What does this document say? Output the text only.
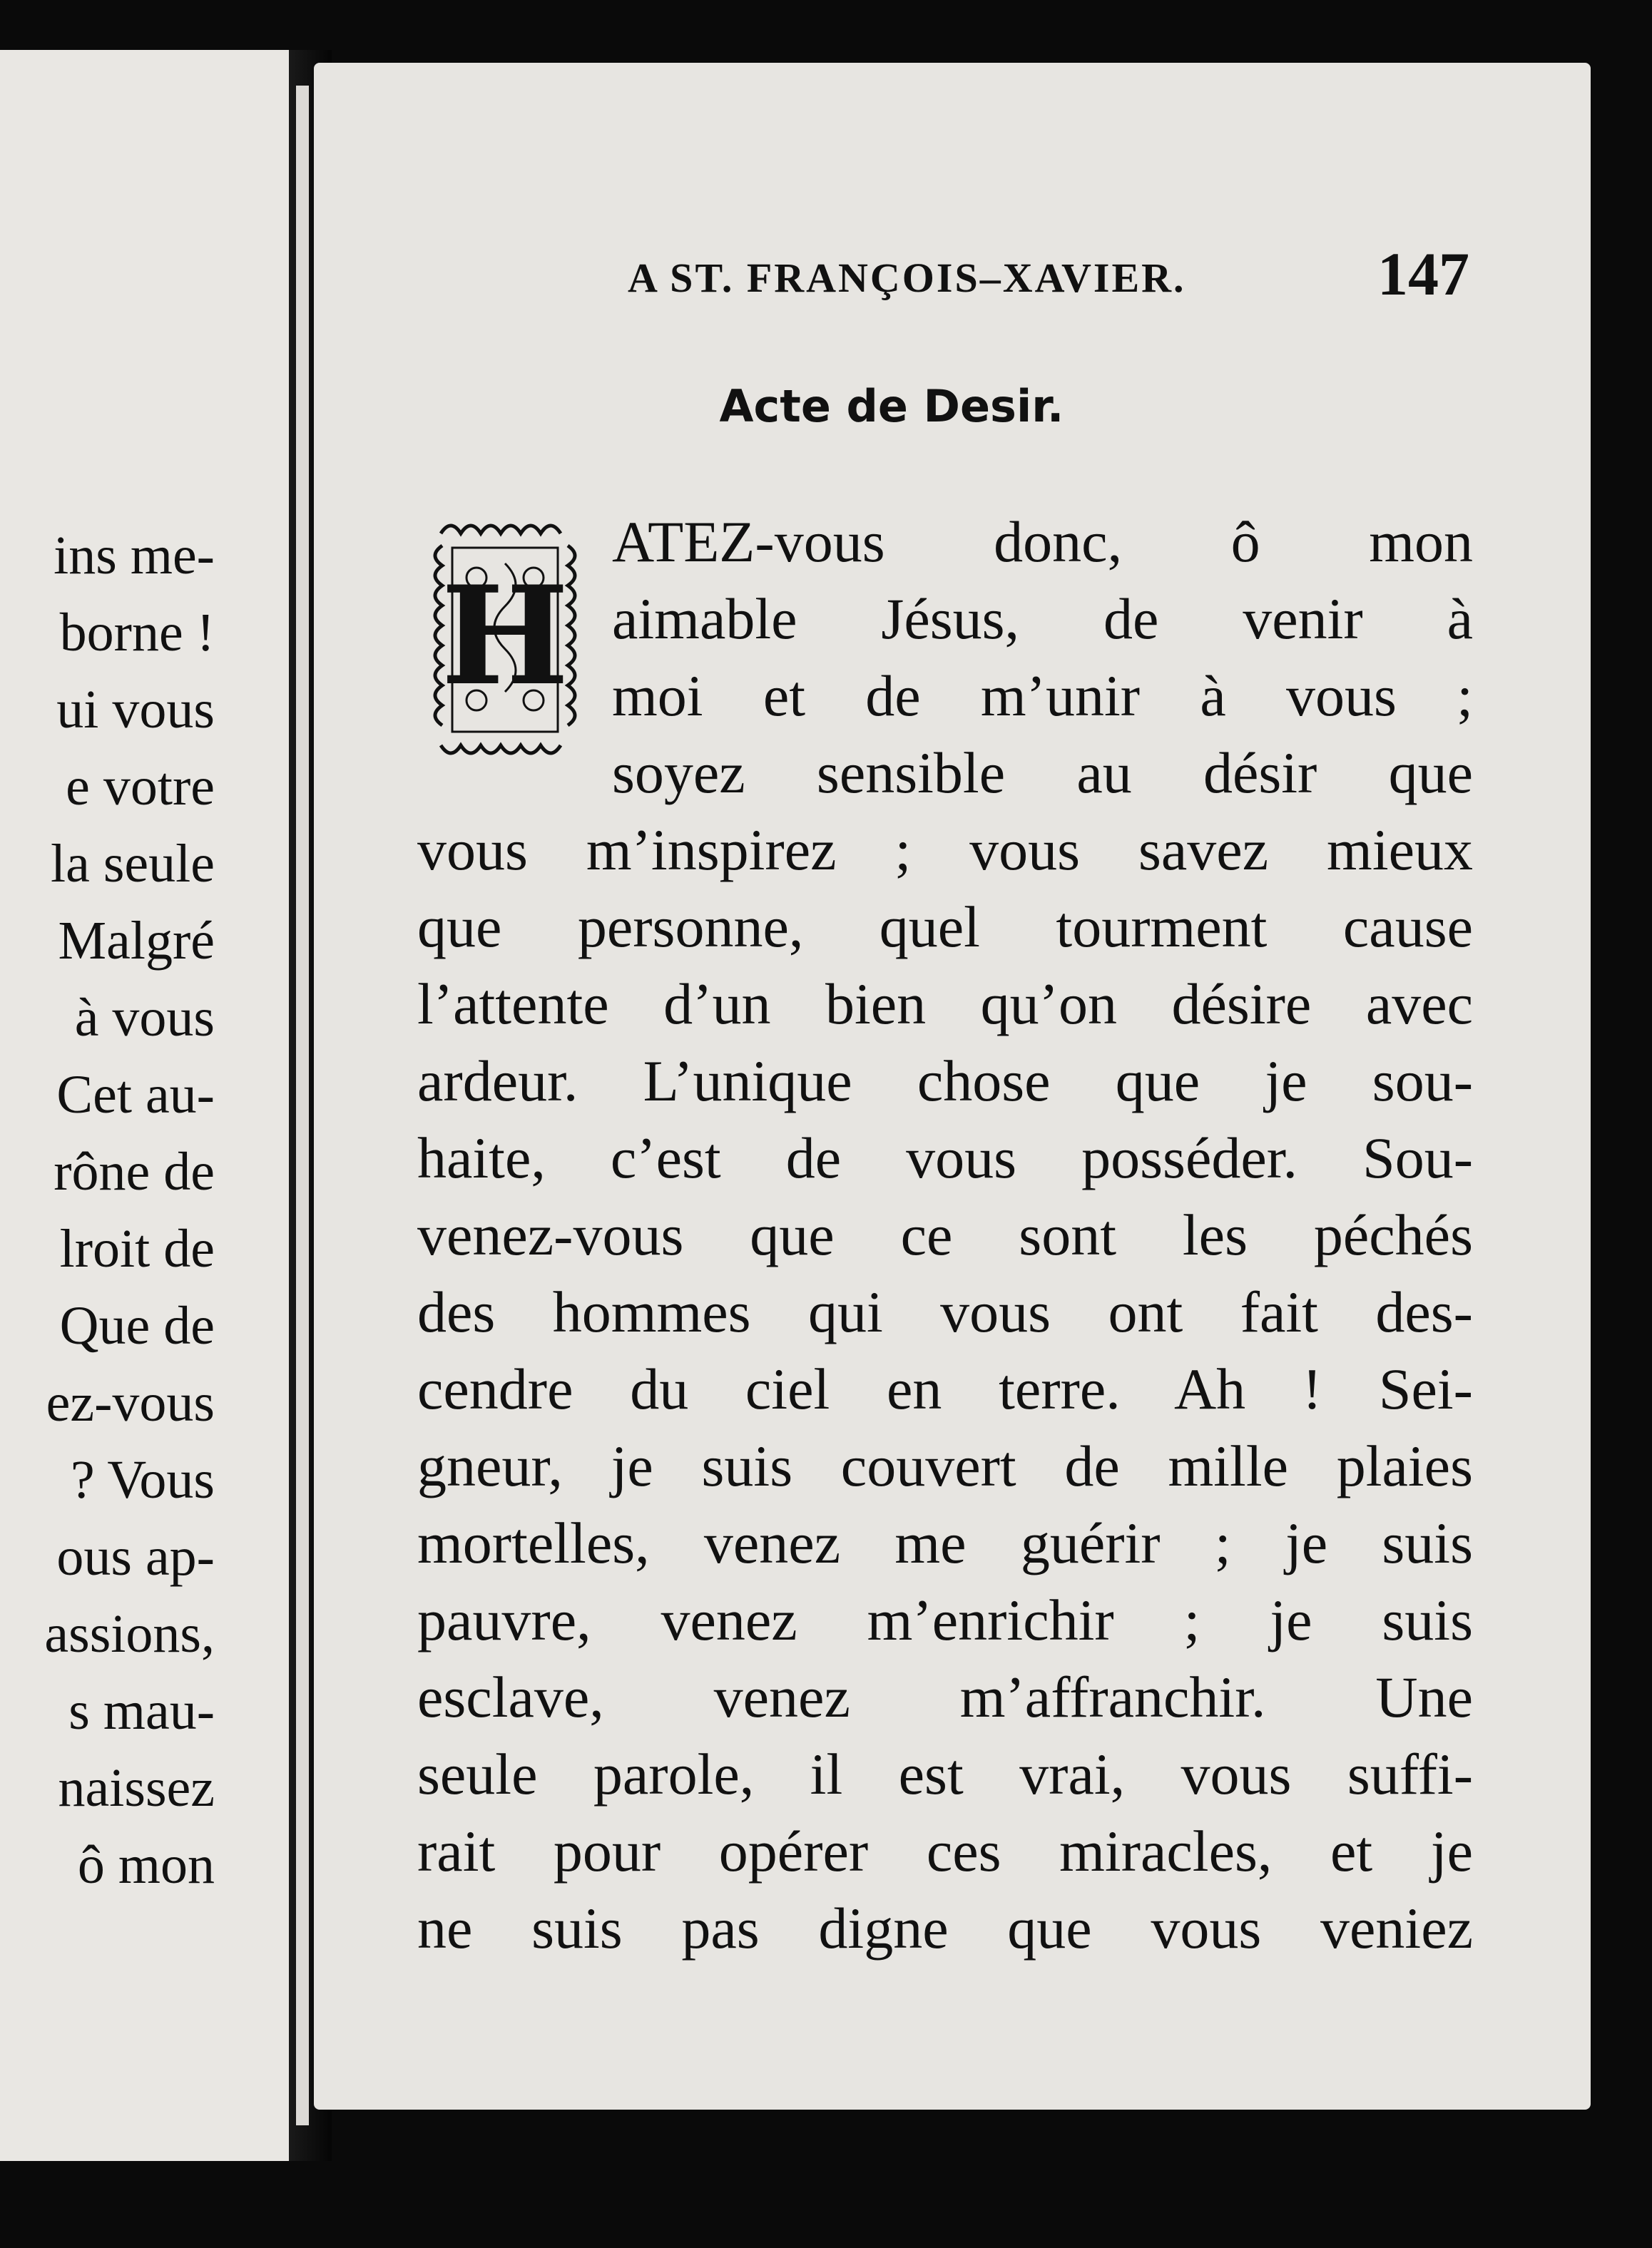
ins me-
borne !
ui vous
e votre
la seule
Malgré
à vous
Cet au-
rône de
lroit de
Que de
ez-vous
? Vous
ous ap-
assions,
s mau-
naissez
ô mon
A ST. FRANÇOIS–XAVIER.	147
Acte de Desir.
H
ATEZ-vous donc, ô mon
aimable Jésus, de venir à
moi et de m’unir à vous ;
soyez sensible au désir que
vous m’inspirez ; vous savez mieux
que personne, quel tourment cause
l’attente d’un bien qu’on désire avec
ardeur. L’unique chose que je sou-
haite, c’est de vous posséder. Sou-
venez-vous que ce sont les péchés
des hommes qui vous ont fait des-
cendre du ciel en terre. Ah ! Sei-
gneur, je suis couvert de mille plaies
mortelles, venez me guérir ; je suis
pauvre, venez m’enrichir ; je suis
esclave, venez m’affranchir. Une
seule parole, il est vrai, vous suffi-
rait pour opérer ces miracles, et je
ne suis pas digne que vous veniez
